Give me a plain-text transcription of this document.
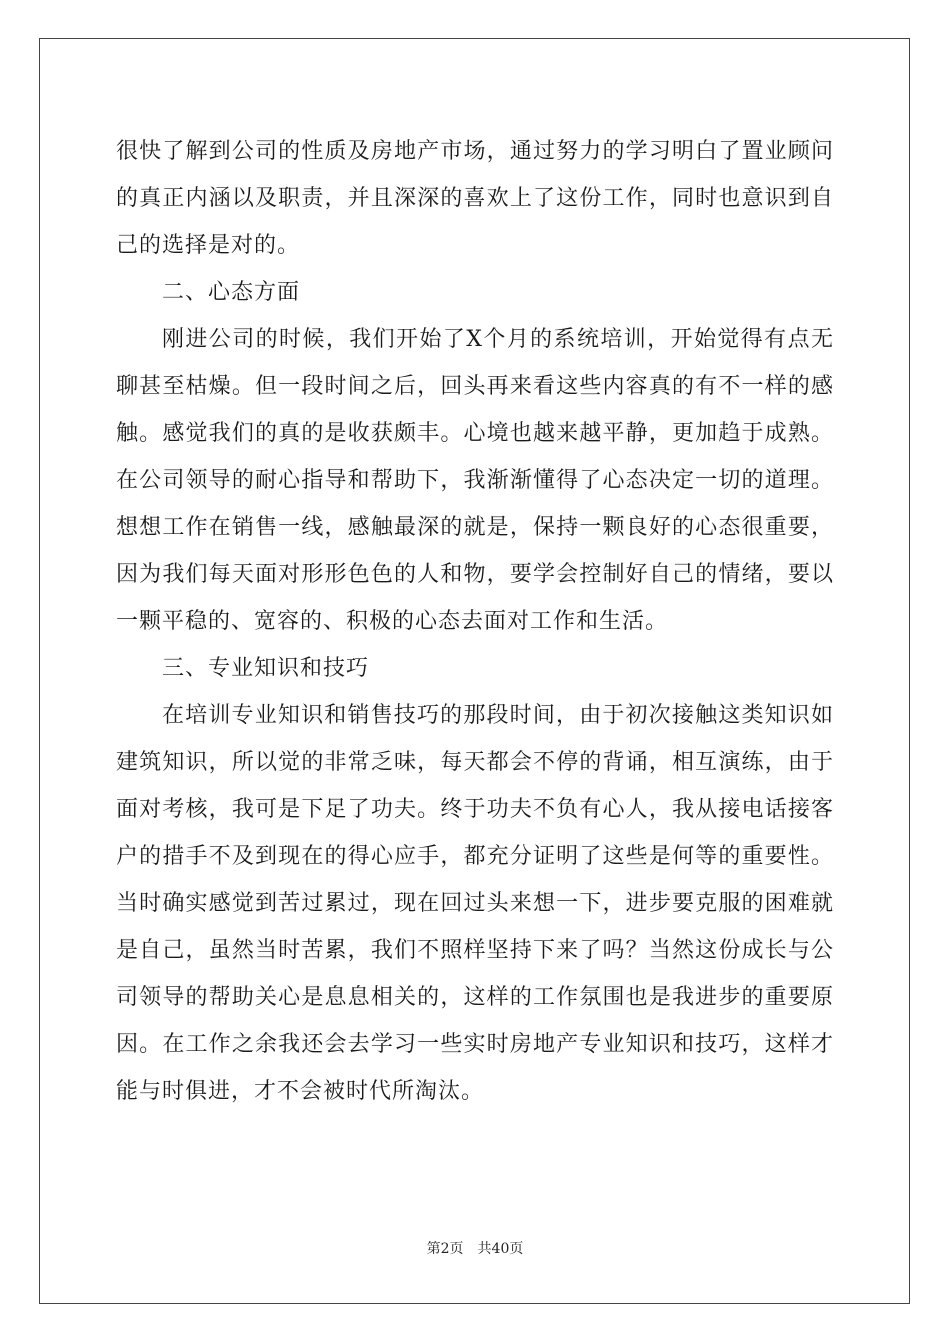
很快了解到公司的性质及房地产市场，通过努力的学习明白了置业顾问的真正内涵以及职责，并且深深的喜欢上了这份工作，同时也意识到自己的选择是对的。

二、心态方面

刚进公司的时候，我们开始了X个月的系统培训，开始觉得有点无聊甚至枯燥。但一段时间之后，回头再来看这些内容真的有不一样的感触。感觉我们的真的是收获颇丰。心境也越来越平静，更加趋于成熟。在公司领导的耐心指导和帮助下，我渐渐懂得了心态决定一切的道理。想想工作在销售一线，感触最深的就是，保持一颗良好的心态很重要，因为我们每天面对形形色色的人和物，要学会控制好自己的情绪，要以一颗平稳的、宽容的、积极的心态去面对工作和生活。

三、专业知识和技巧

在培训专业知识和销售技巧的那段时间，由于初次接触这类知识如建筑知识，所以觉的非常乏味，每天都会不停的背诵，相互演练，由于面对考核，我可是下足了功夫。终于功夫不负有心人，我从接电话接客户的措手不及到现在的得心应手，都充分证明了这些是何等的重要性。当时确实感觉到苦过累过，现在回过头来想一下，进步要克服的困难就是自己，虽然当时苦累，我们不照样坚持下来了吗？当然这份成长与公司领导的帮助关心是息息相关的，这样的工作氛围也是我进步的重要原因。在工作之余我还会去学习一些实时房地产专业知识和技巧，这样才能与时俱进，才不会被时代所淘汰。

第2页 共40页
